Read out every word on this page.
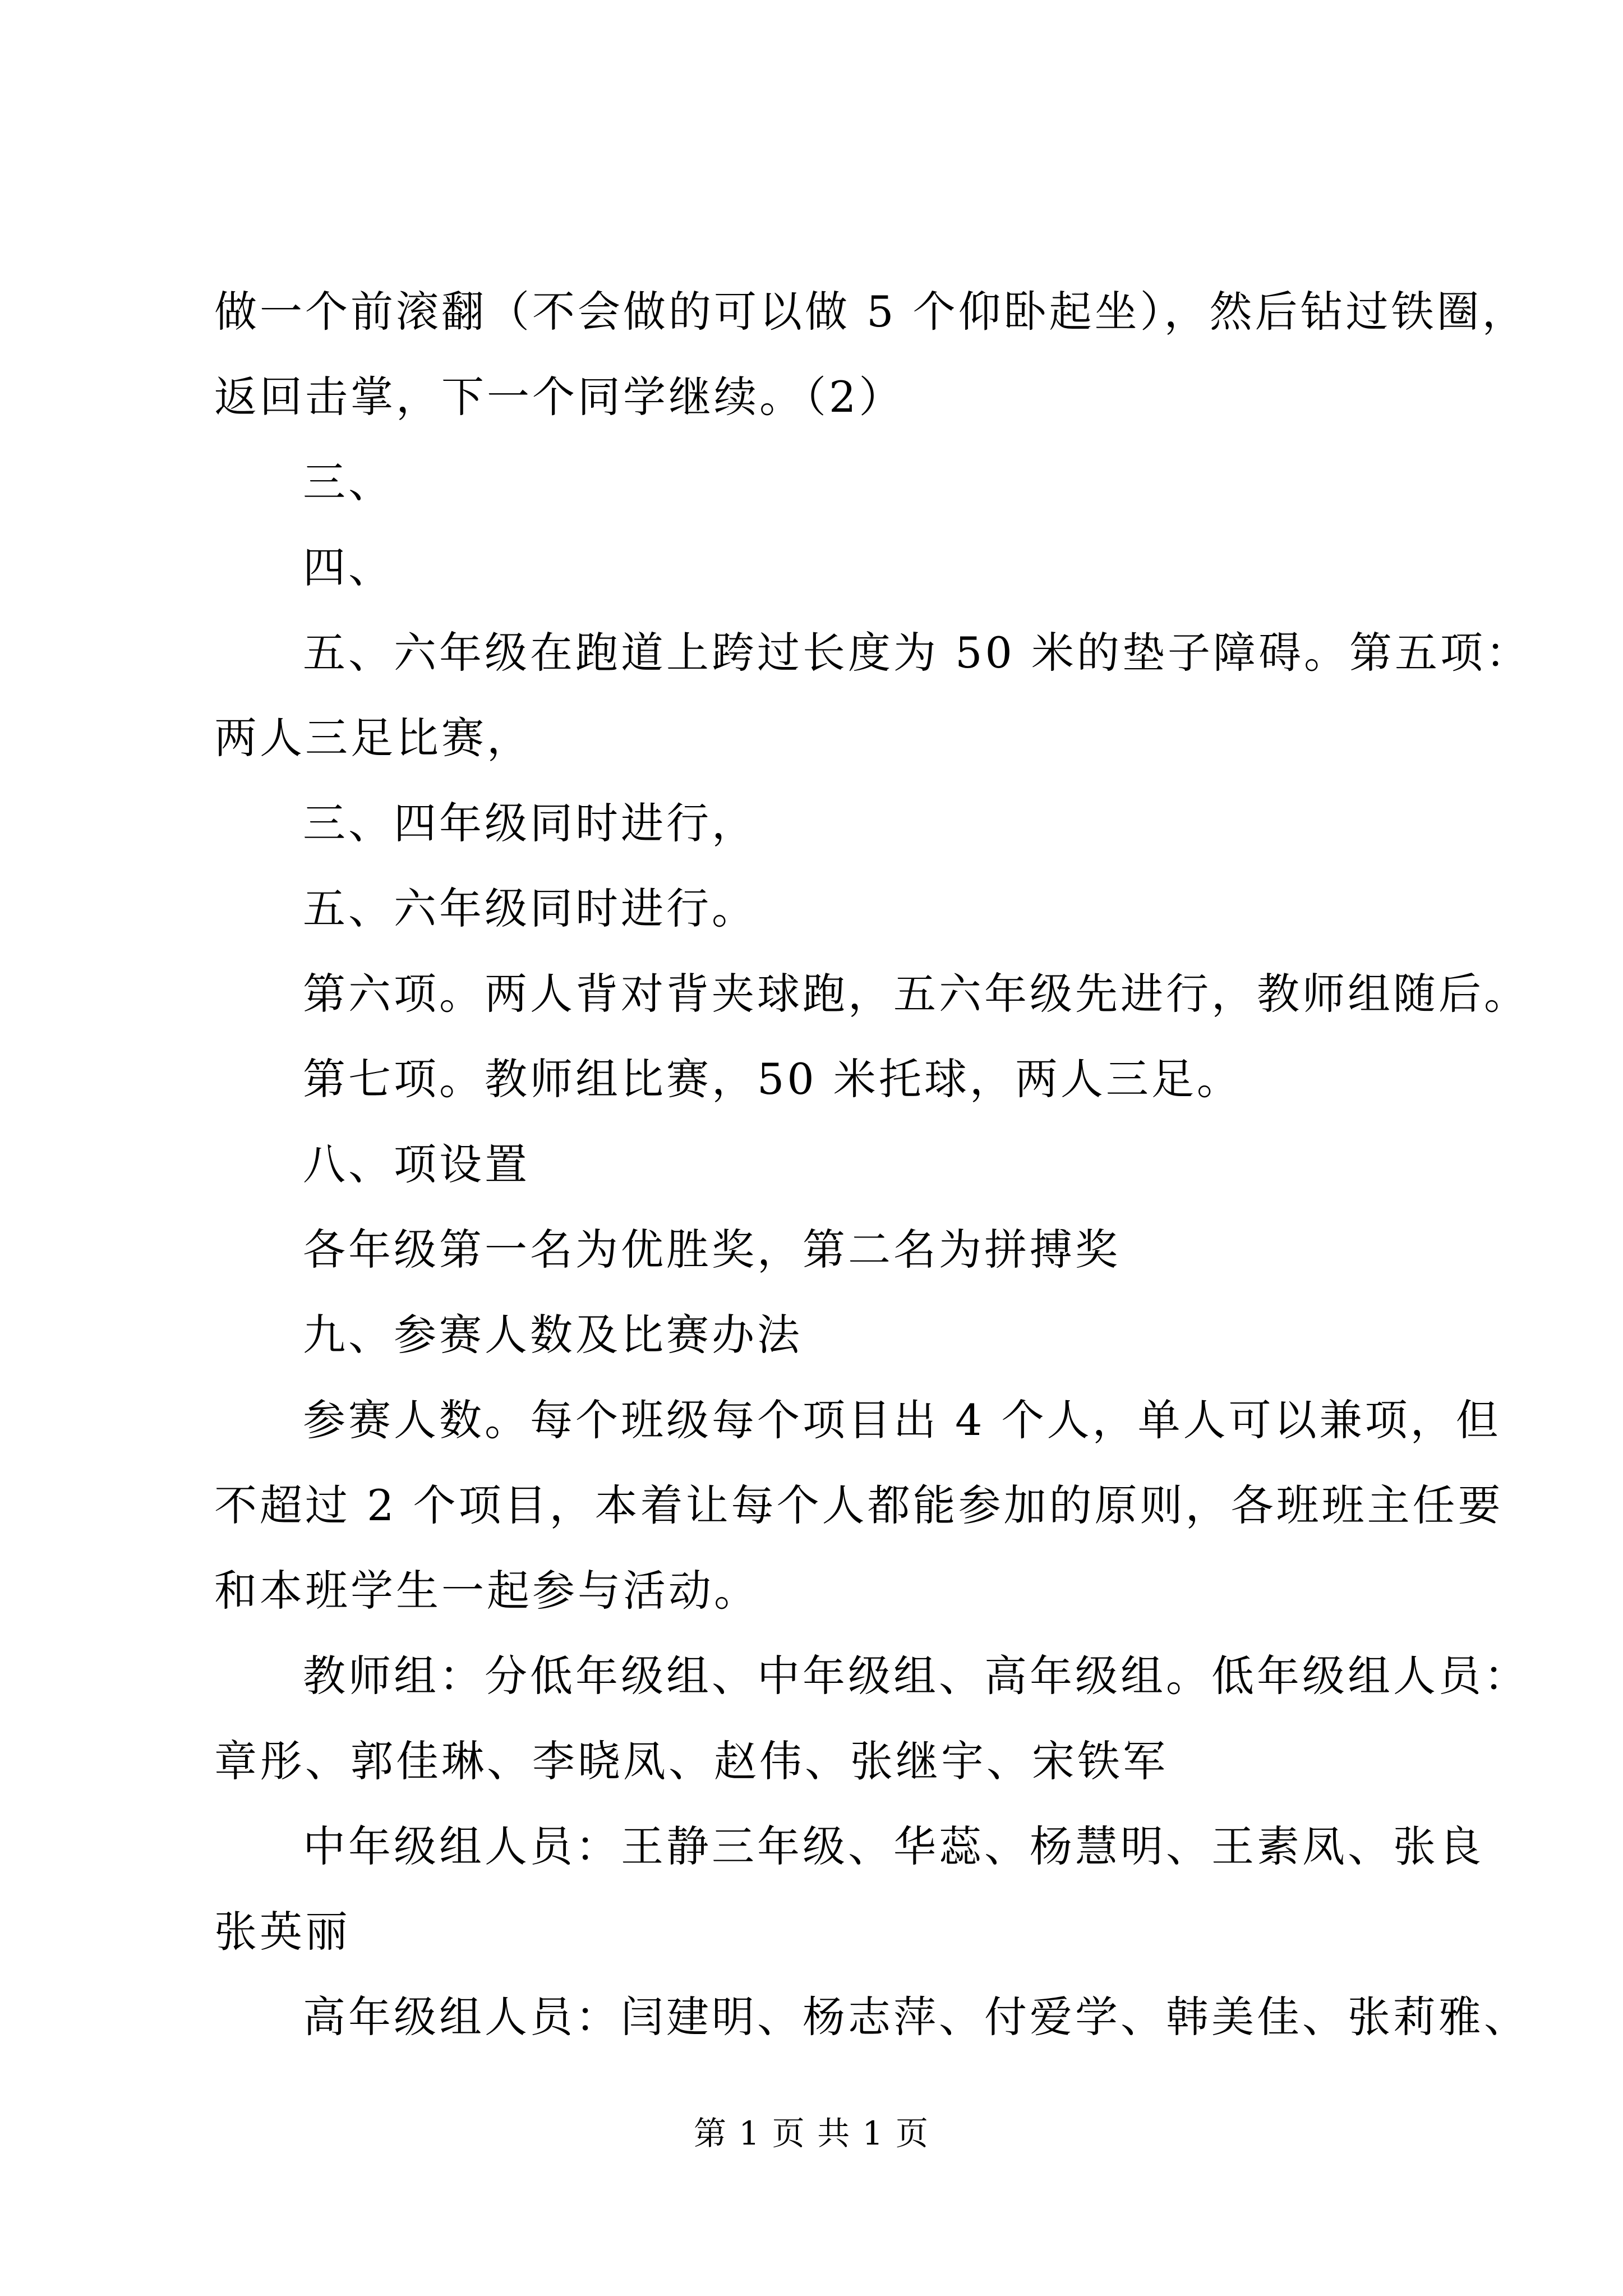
做一个前滚翻（不会做的可以做 5 个仰卧起坐），然后钻过铁圈，
返回击掌，下一个同学继续。（2）
三、
四、
五、六年级在跑道上跨过长度为 50 米的垫子障碍。第五项：
两人三足比赛，
三、四年级同时进行，
五、六年级同时进行。
第六项。两人背对背夹球跑，五六年级先进行，教师组随后。
第七项。教师组比赛，50 米托球，两人三足。
八、项设置
各年级第一名为优胜奖，第二名为拼搏奖
九、参赛人数及比赛办法
参赛人数。每个班级每个项目出 4 个人，单人可以兼项，但
不超过 2 个项目，本着让每个人都能参加的原则，各班班主任要
和本班学生一起参与活动。
教师组：分低年级组、中年级组、高年级组。低年级组人员：
章彤、郭佳琳、李晓凤、赵伟、张继宇、宋铁军
中年级组人员：王静三年级、华蕊、杨慧明、王素凤、张良
张英丽
高年级组人员：闫建明、杨志萍、付爱学、韩美佳、张莉雅、
第 1 页 共 1 页
